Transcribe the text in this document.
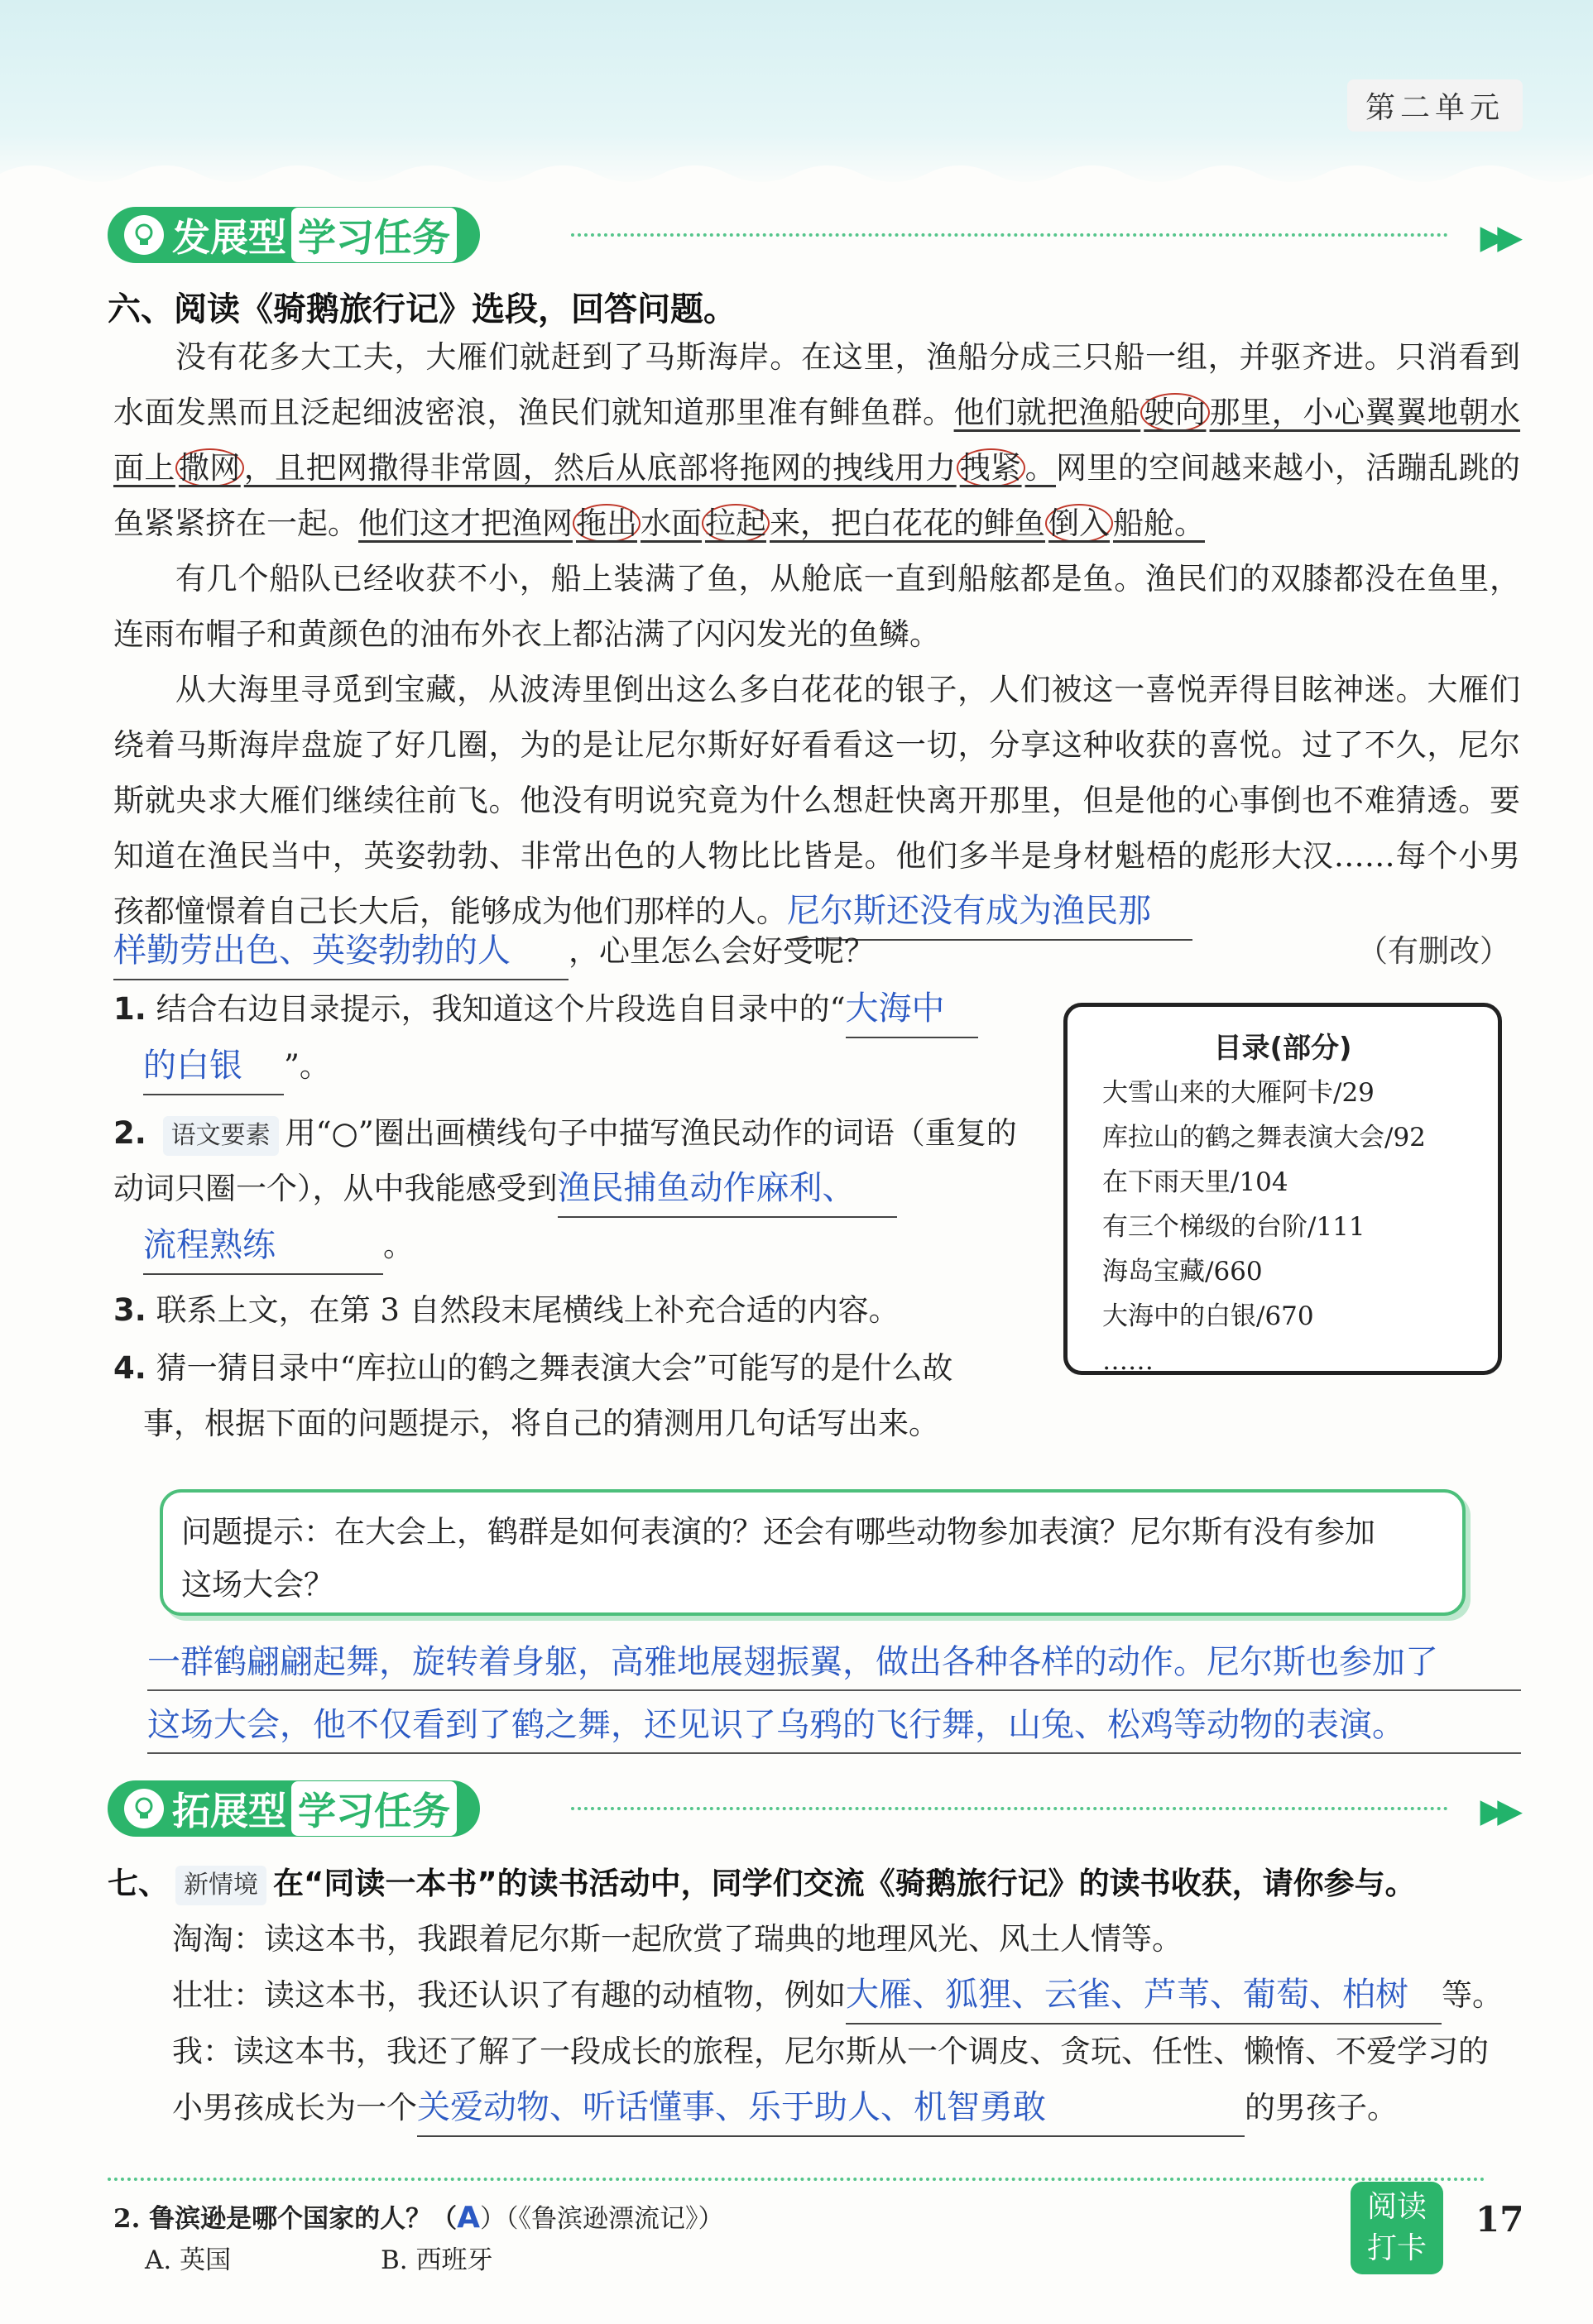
第二单元
发展型 学习任务	▶▶
六、阅读《骑鹅旅行记》选段，回答问题。

没有花多大工夫，大雁们就赶到了马斯海岸。在这里，渔船分成三只船一组，并驱齐进。只消看到水面发黑而且泛起细波密浪，渔民们就知道那里准有鲱鱼群。他们就把渔船 驶向 那里，小心翼翼地朝水面上 撒网 ，且把网撒得非常圆，然后从底部将拖网的拽线用力 拽紧 。网里的空间越来越小，活蹦乱跳的鱼紧紧挤在一起。他们这才把渔网 拖出 水面 拉起 来，把白花花的鲱鱼 倒入 船舱。

有几个船队已经收获不小，船上装满了鱼，从舱底一直到船舷都是鱼。渔民们的双膝都没在鱼里，连雨布帽子和黄颜色的油布外衣上都沾满了闪闪发光的鱼鳞。

从大海里寻觅到宝藏，从波涛里倒出这么多白花花的银子，人们被这一喜悦弄得目眩神迷。大雁们绕着马斯海岸盘旋了好几圈，为的是让尼尔斯好好看看这一切，分享这种收获的喜悦。过了不久，尼尔斯就央求大雁们继续往前飞。他没有明说究竟为什么想赶快离开那里，但是他的心事倒也不难猜透。要知道在渔民当中，英姿勃勃、非常出色的人物比比皆是。他们多半是身材魁梧的彪形大汉……每个小男孩都憧憬着自己长大后，能够成为他们那样的人。尼尔斯还没有成为渔民那

样勤劳出色、英姿勃勃的人 ，心里怎么会好受呢？	（有删改）
1. 结合右边目录提示，我知道这个片段选自目录中的“大海中
的白银 ”。
2. 语文要素 用“○”圈出画横线句子中描写渔民动作的词语（重复的动词只圈一个），从中我能感受到渔民捕鱼动作麻利、
流程熟练	。
3. 联系上文，在第 3 自然段末尾横线上补充合适的内容。
4. 猜一猜目录中“库拉山的鹤之舞表演大会”可能写的是什么故
事，根据下面的问题提示，将自己的猜测用几句话写出来。
目录(部分)
大雪山来的大雁阿卡/29
库拉山的鹤之舞表演大会/92
在下雨天里/104
有三个梯级的台阶/111
海岛宝藏/660
大海中的白银/670
……

问题提示：在大会上，鹤群是如何表演的？还会有哪些动物参加表演？尼尔斯有没有参加
这场大会？

一群鹤翩翩起舞，旋转着身躯，高雅地展翅振翼，做出各种各样的动作。尼尔斯也参加了
这场大会，他不仅看到了鹤之舞，还见识了乌鸦的飞行舞，山兔、松鸡等动物的表演。
拓展型 学习任务	▶▶
七、 新情境 在“同读一本书”的读书活动中，同学们交流《骑鹅旅行记》的读书收获，请你参与。
淘淘：读这本书，我跟着尼尔斯一起欣赏了瑞典的地理风光、风土人情等。
壮壮：读这本书，我还认识了有趣的动植物，例如大雁、狐狸、云雀、芦苇、葡萄、柏树 等。
我：读这本书，我还了解了一段成长的旅程，尼尔斯从一个调皮、贪玩、任性、懒惰、不爱学习的
小男孩成长为一个关爱动物、听话懂事、乐于助人、机智勇敢	的男孩子。
2. 鲁滨逊是哪个国家的人？（A）（《鲁滨逊漂流记》）
A. 英国	B. 西班牙
阅读
打卡
17
